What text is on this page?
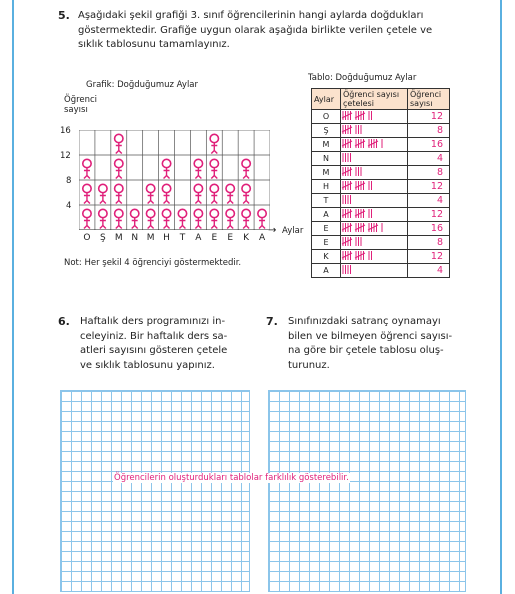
5. Aşağıdaki şekil grafiği 3. sınıf öğrencilerinin hangi aylarda doğdukları
göstermektedir. Grafiğe uygun olarak aşağıda birlikte verilen çetele ve
sıklık tablosunu tamamlayınız.
Grafik: Doğduğumuz Aylar
Öğrenci
sayısı
16
12
8
4
O	Ş	M N M H	T	A	E	E	K	A
Aylar
Not: Her şekil 4 öğrenciyi göstermektedir.
Tablo: Doğduğumuz Aylar
Aylar	Öğrenci sayısı çetelesi	Öğrenci sayısı
O		12
Ş		8
M		16
N		4
M		8
H		12
T		4
A		12
E		16
E		8
K		12
A		4
6. Haftalık ders programınızı in-
celeyiniz. Bir haftalık ders sa-
atleri sayısını gösteren çetele
ve sıklık tablosunu yapınız.
7. Sınıfınızdaki satranç oynamayı
bilen ve bilmeyen öğrenci sayısı-
na göre bir çetele tablosu oluş-
turunuz.
Öğrencilerin oluşturdukları tablolar farklılık gösterebilir.
→
